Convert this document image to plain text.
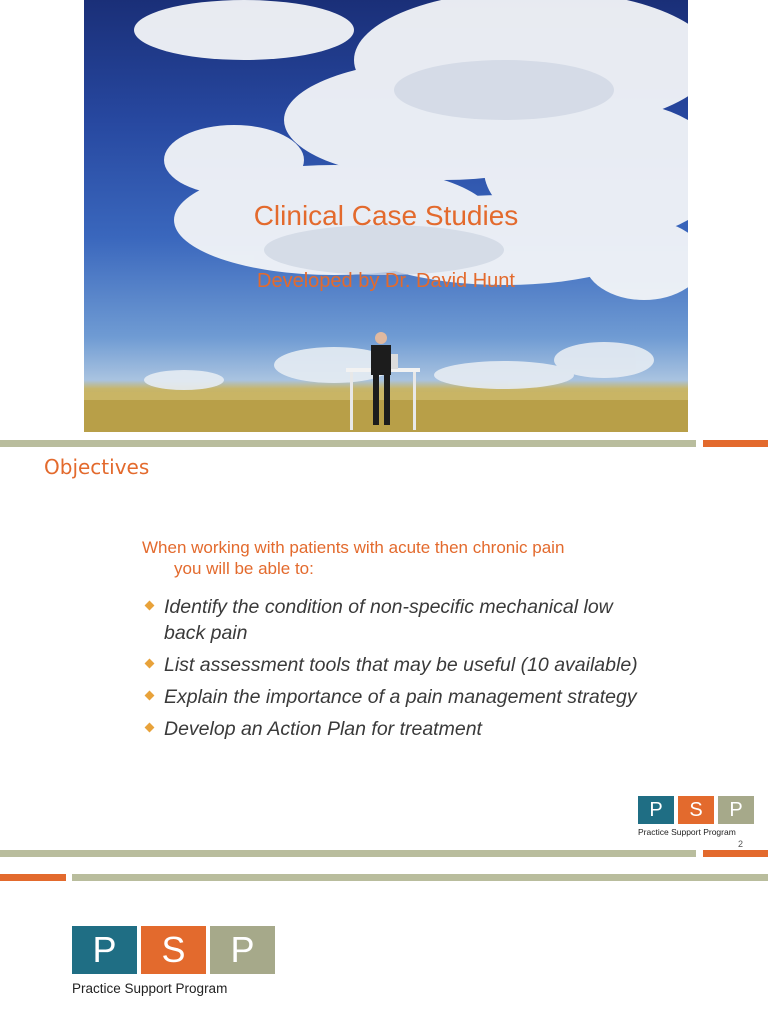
Clinical Case Studies
Developed by Dr. David Hunt
Objectives
When working with patients with acute then chronic pain
you will be able to:
Identify the condition of non-specific mechanical low back pain
List assessment tools that may be useful (10 available)
Explain the importance of a pain management strategy
Develop an Action Plan for treatment
P	S	P
Practice Support Program
2
P	S	P
Practice Support Program
